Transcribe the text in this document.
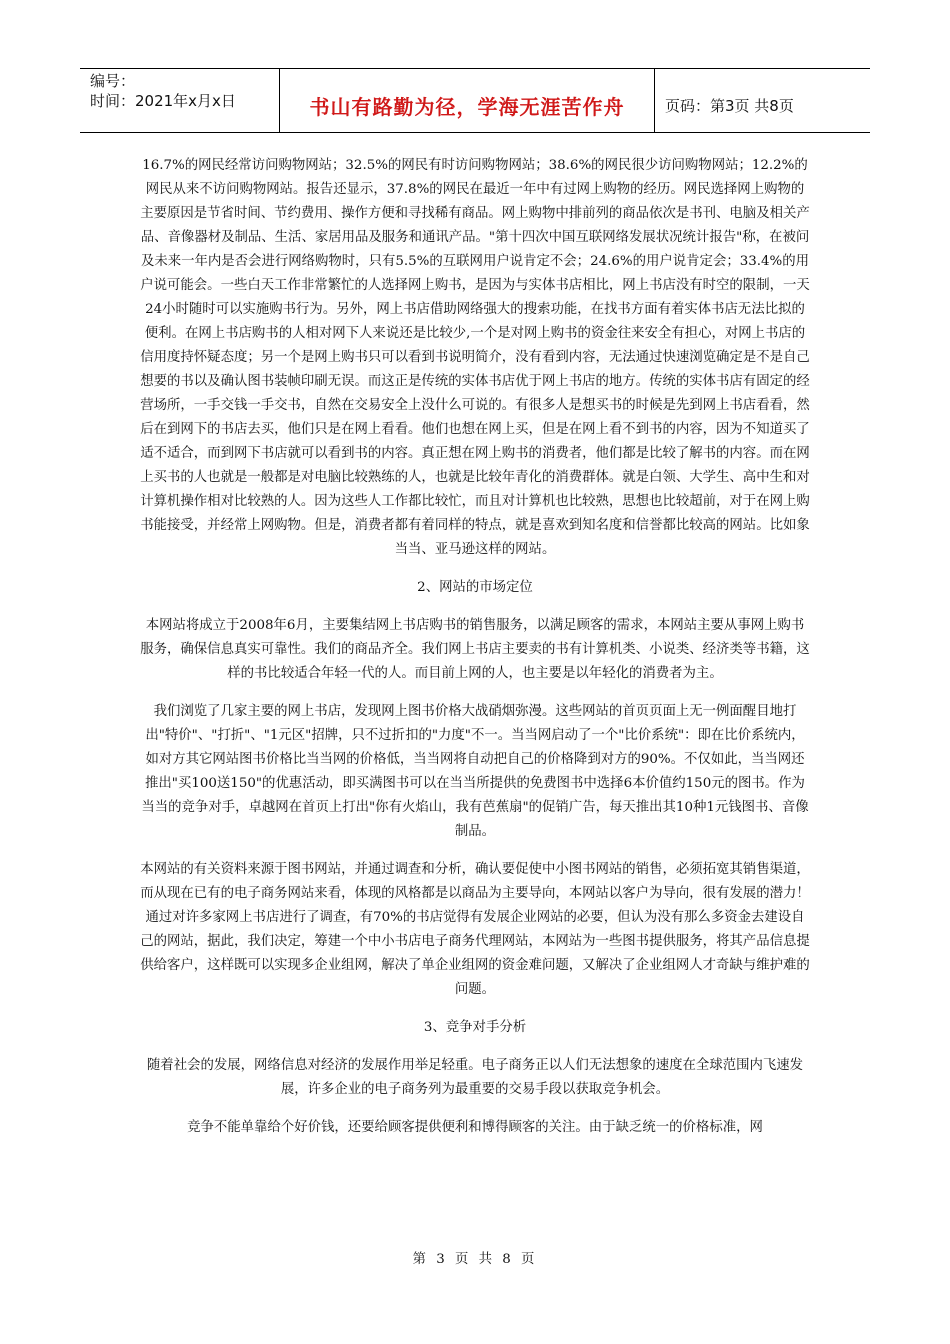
编号：
时间：2021年x月x日	书山有路勤为径，学海无涯苦作舟	页码：第3页 共8页

16.7%的网民经常访问购物网站；32.5%的网民有时访问购物网站；38.6%的网民很少访问购物网站；12.2%的网民从来不访问购物网站。报告还显示，37.8%的网民在最近一年中有过网上购物的经历。网民选择网上购物的主要原因是节省时间、节约费用、操作方便和寻找稀有商品。网上购物中排前列的商品依次是书刊、电脑及相关产品、音像器材及制品、生活、家居用品及服务和通讯产品。"第十四次中国互联网络发展状况统计报告"称，在被问及未来一年内是否会进行网络购物时，只有5.5%的互联网用户说肯定不会；24.6%的用户说肯定会；33.4%的用户说可能会。一些白天工作非常繁忙的人选择网上购书，是因为与实体书店相比，网上书店没有时空的限制，一天24小时随时可以实施购书行为。另外，网上书店借助网络强大的搜索功能，在找书方面有着实体书店无法比拟的便利。在网上书店购书的人相对网下人来说还是比较少,一个是对网上购书的资金往来安全有担心，对网上书店的信用度持怀疑态度；另一个是网上购书只可以看到书说明简介，没有看到内容，无法通过快速浏览确定是不是自己想要的书以及确认图书装帧印刷无误。而这正是传统的实体书店优于网上书店的地方。传统的实体书店有固定的经营场所，一手交钱一手交书，自然在交易安全上没什么可说的。有很多人是想买书的时候是先到网上书店看看，然后在到网下的书店去买，他们只是在网上看看。他们也想在网上买，但是在网上看不到书的内容，因为不知道买了适不适合，而到网下书店就可以看到书的内容。真正想在网上购书的消费者，他们都是比较了解书的内容。而在网上买书的人也就是一般都是对电脑比较熟练的人，也就是比较年青化的消费群体。就是白领、大学生、高中生和对计算机操作相对比较熟的人。因为这些人工作都比较忙，而且对计算机也比较熟，思想也比较超前，对于在网上购书能接受，并经常上网购物。但是，消费者都有着同样的特点，就是喜欢到知名度和信誉都比较高的网站。比如象当当、亚马逊这样的网站。

2、网站的市场定位

本网站将成立于2008年6月，主要集结网上书店购书的销售服务，以满足顾客的需求，本网站主要从事网上购书服务，确保信息真实可靠性。我们的商品齐全。我们网上书店主要卖的书有计算机类、小说类、经济类等书籍，这样的书比较适合年轻一代的人。而目前上网的人，也主要是以年轻化的消费者为主。

我们浏览了几家主要的网上书店，发现网上图书价格大战硝烟弥漫。这些网站的首页页面上无一例面醒目地打出"特价"、"打折"、"1元区"招牌，只不过折扣的"力度"不一。当当网启动了一个"比价系统"：即在比价系统内，如对方其它网站图书价格比当当网的价格低，当当网将自动把自己的价格降到对方的90%。不仅如此，当当网还推出"买100送150"的优惠活动，即买满图书可以在当当所提供的免费图书中选择6本价值约150元的图书。作为当当的竞争对手，卓越网在首页上打出"你有火焰山，我有芭蕉扇"的促销广告，每天推出其10种1元钱图书、音像制品。

本网站的有关资料来源于图书网站，并通过调查和分析，确认要促使中小图书网站的销售，必须拓宽其销售渠道，而从现在已有的电子商务网站来看，体现的风格都是以商品为主要导向，本网站以客户为导向，很有发展的潜力！通过对许多家网上书店进行了调查，有70%的书店觉得有发展企业网站的必要，但认为没有那么多资金去建设自己的网站，据此，我们决定，筹建一个中小书店电子商务代理网站，本网站为一些图书提供服务，将其产品信息提供给客户，这样既可以实现多企业组网，解决了单企业组网的资金难问题，又解决了企业组网人才奇缺与维护难的问题。

3、竞争对手分析

随着社会的发展，网络信息对经济的发展作用举足轻重。电子商务正以人们无法想象的速度在全球范围内飞速发展，许多企业的电子商务列为最重要的交易手段以获取竞争机会。

竞争不能单靠给个好价钱，还要给顾客提供便利和博得顾客的关注。由于缺乏统一的价格标准，网

第 3 页 共 8 页
